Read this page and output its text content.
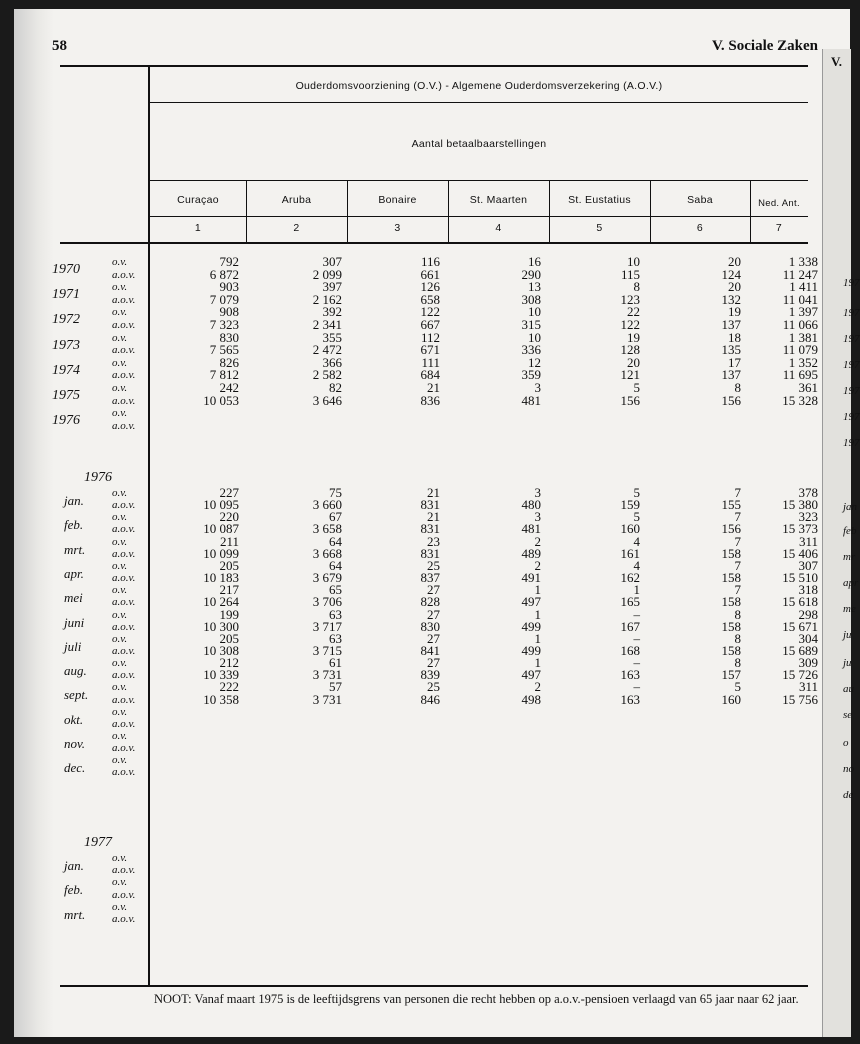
V.
197
197
197
197
197
197
197
jan
feb
mr
apr
me
ju
ju
au
se
o
no
de
58	V. Sociale Zaken
Ouderdomsvoorziening (O.V.) - Algemene Ouderdomsverzekering (A.O.V.)
Aantal betaalbaarstellingen
Curaçao
1
Aruba
2
Bonaire
3
St. Maarten
4
St. Eustatius
5
Saba
6
Ned. Ant.
7
o.v.
a.o.v.
o.v.
a.o.v.
o.v.
a.o.v.
o.v.
a.o.v.
o.v.
a.o.v.
o.v.
a.o.v.
o.v.
a.o.v.
1970
1971
1972
1973
1974
1975
1976
792
6 872
903
7 079
908
7 323
830
7 565
826
7 812
242
10 053
307
2 099
397
2 162
392
2 341
355
2 472
366
2 582
82
3 646
116
661
126
658
122
667
112
671
111
684
21
836
16
290
13
308
10
315
10
336
12
359
3
481
10
115
8
123
22
122
19
128
20
121
5
156
20
124
20
132
19
137
18
135
17
137
8
156
1 338
11 247
1 411
11 041
1 397
11 066
1 381
11 079
1 352
11 695
361
15 328
1976
o.v.
a.o.v.
o.v.
a.o.v.
o.v.
a.o.v.
o.v.
a.o.v.
o.v.
a.o.v.
o.v.
a.o.v.
o.v.
a.o.v.
o.v.
a.o.v.
o.v.
a.o.v.
o.v.
a.o.v.
o.v.
a.o.v.
o.v.
a.o.v.
jan.
feb.
mrt.
apr.
mei
juni
juli
aug.
sept.
okt.
nov.
dec.
227
10 095
220
10 087
211
10 099
205
10 183
217
10 264
199
10 300
205
10 308
212
10 339
222
10 358
75
3 660
67
3 658
64
3 668
64
3 679
65
3 706
63
3 717
63
3 715
61
3 731
57
3 731
21
831
21
831
23
831
25
837
27
828
27
830
27
841
27
839
25
846
3
480
3
481
2
489
2
491
1
497
1
499
1
499
1
497
2
498
5
159
5
160
4
161
4
162
1
165
–
167
–
168
–
163
–
163
7
155
7
156
7
158
7
158
7
158
8
158
8
158
8
157
5
160
378
15 380
323
15 373
311
15 406
307
15 510
318
15 618
298
15 671
304
15 689
309
15 726
311
15 756
1977
o.v.
a.o.v.
o.v.
a.o.v.
o.v.
a.o.v.
jan.
feb.
mrt.
NOOT: Vanaf maart 1975 is de leeftijdsgrens van personen die recht hebben op a.o.v.-pensioen verlaagd van 65 jaar naar 62 jaar.
